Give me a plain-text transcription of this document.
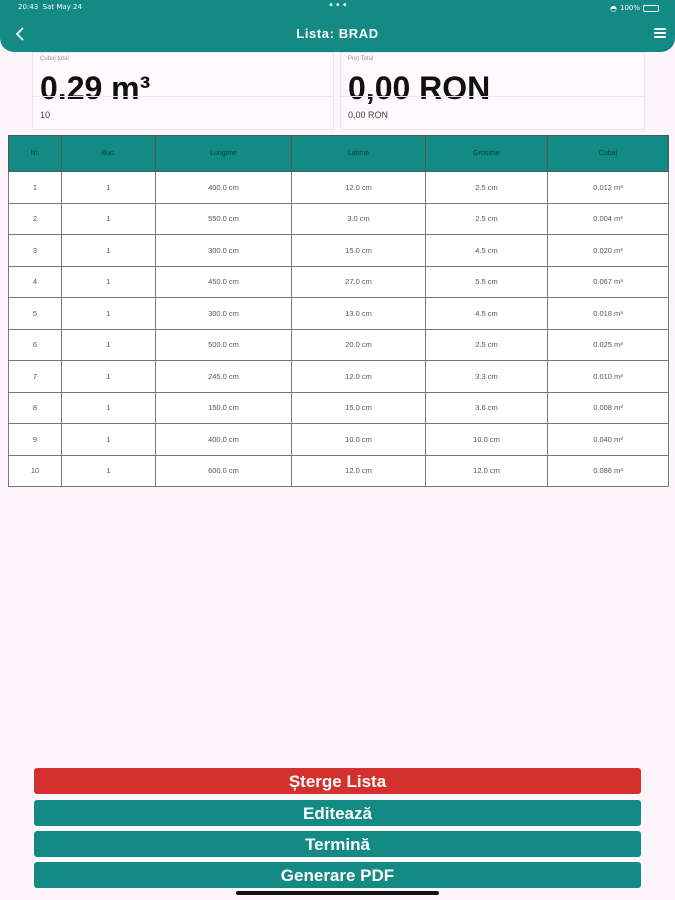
20:43 Sat May 24	•••	◓ 100%
Lista: BRAD
Cubaj total
0.29 m³
10
Preț Total
0,00 RON
0,00 RON
Nr.	Buc.	Lungime	Latime	Grosime	Cubaj
1	1	400.0 cm	12.0 cm	2.5 cm	0.012 m³
2	1	550.0 cm	3.0 cm	2.5 cm	0.004 m³
3	1	300.0 cm	15.0 cm	4.5 cm	0.020 m³
4	1	450.0 cm	27.0 cm	5.5 cm	0.067 m³
5	1	300.0 cm	13.0 cm	4.5 cm	0.018 m³
6	1	500.0 cm	20.0 cm	2.5 cm	0.025 m³
7	1	245.0 cm	12.0 cm	3.3 cm	0.010 m³
8	1	150.0 cm	15.0 cm	3.6 cm	0.008 m³
9	1	400.0 cm	10.0 cm	10.0 cm	0.040 m³
10	1	600.0 cm	12.0 cm	12.0 cm	0.086 m³
Șterge Lista
Editează
Termină
Generare PDF
